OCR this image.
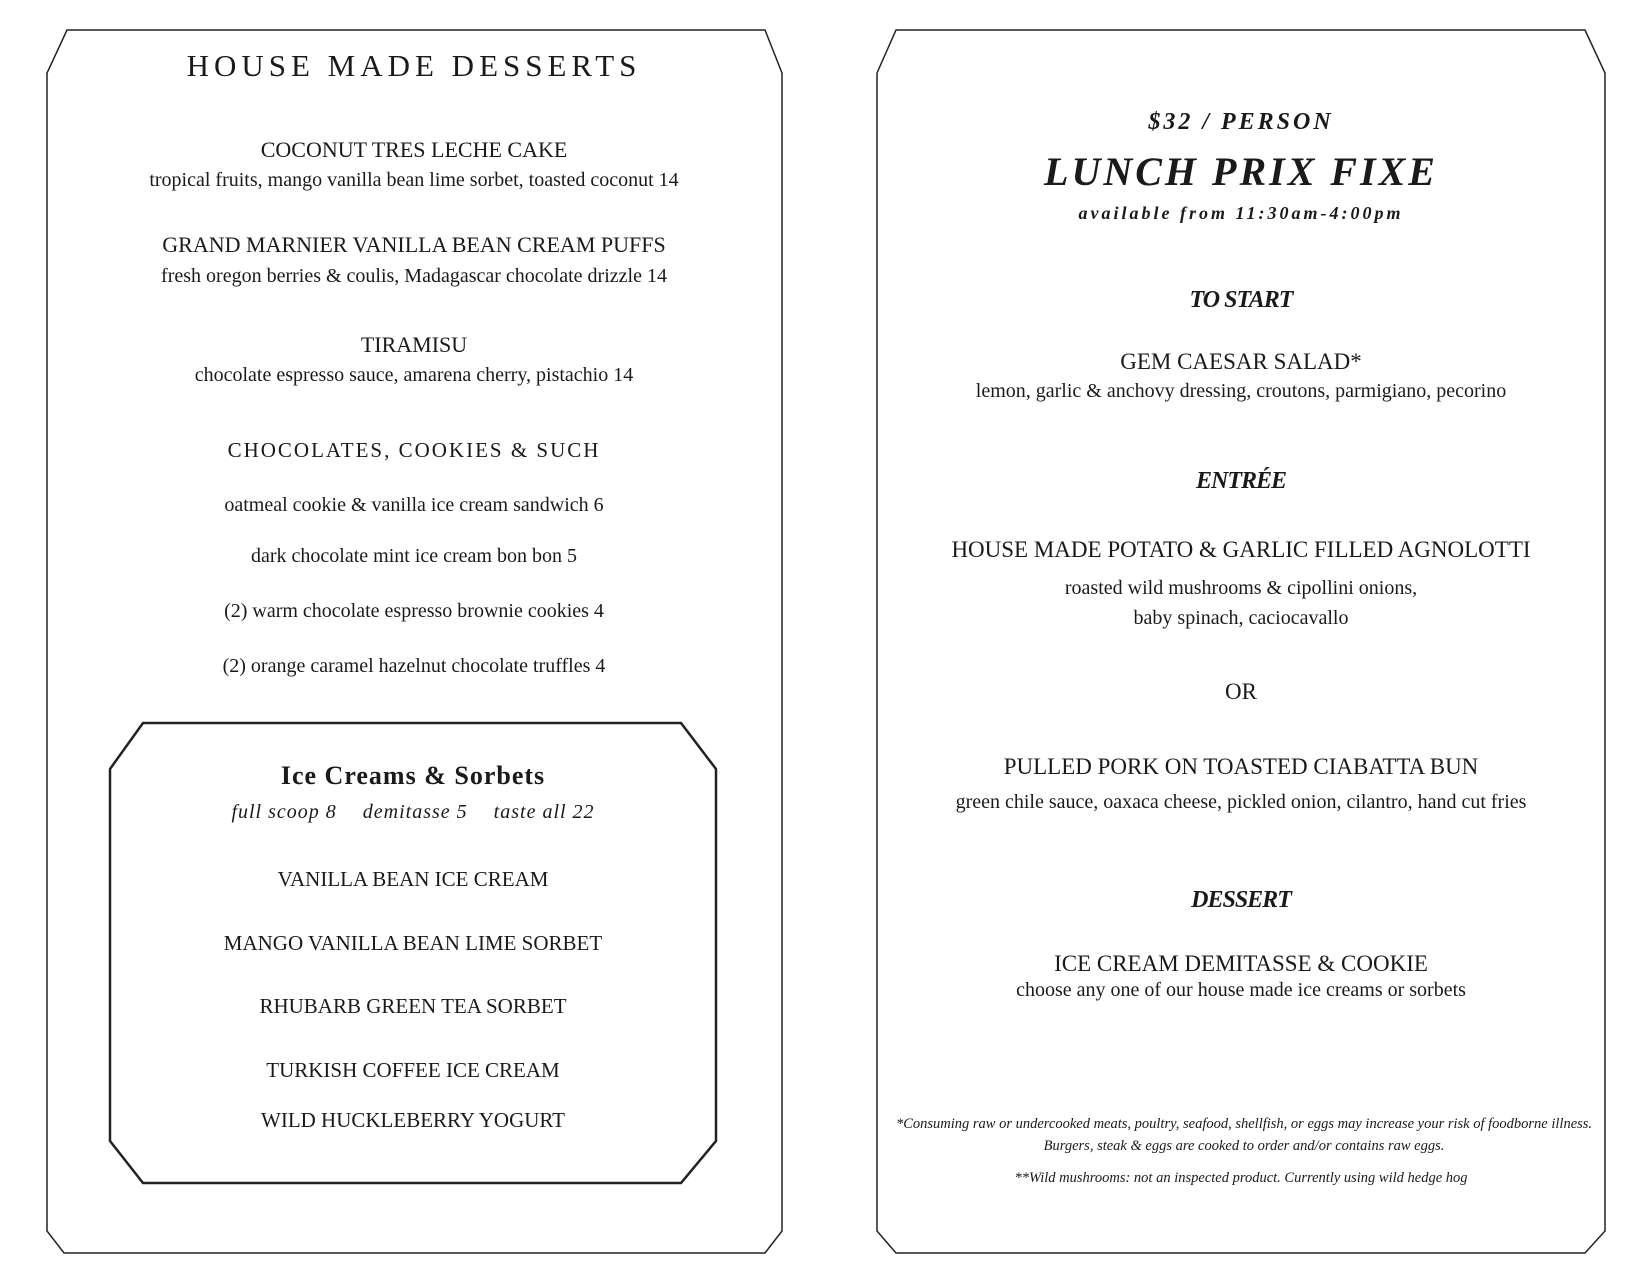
HOUSE MADE DESSERTS
COCONUT TRES LECHE CAKE
tropical fruits, mango vanilla bean lime sorbet, toasted coconut 14
GRAND MARNIER VANILLA BEAN CREAM PUFFS
fresh oregon berries & coulis, Madagascar chocolate drizzle 14
TIRAMISU
chocolate espresso sauce, amarena cherry, pistachio 14
CHOCOLATES, COOKIES & SUCH
oatmeal cookie & vanilla ice cream sandwich 6
dark chocolate mint ice cream bon bon 5
(2) warm chocolate espresso brownie cookies 4
(2) orange caramel hazelnut chocolate truffles 4
Ice Creams & Sorbets
full scoop 8 demitasse 5 taste all 22
VANILLA BEAN ICE CREAM
MANGO VANILLA BEAN LIME SORBET
RHUBARB GREEN TEA SORBET
TURKISH COFFEE ICE CREAM
WILD HUCKLEBERRY YOGURT
$32 / PERSON
LUNCH PRIX FIXE
available from 11:30am-4:00pm
TO START
GEM CAESAR SALAD*
lemon, garlic & anchovy dressing, croutons, parmigiano, pecorino
ENTRÉE
HOUSE MADE POTATO & GARLIC FILLED AGNOLOTTI
roasted wild mushrooms & cipollini onions,
baby spinach, caciocavallo
OR
PULLED PORK ON TOASTED CIABATTA BUN
green chile sauce, oaxaca cheese, pickled onion, cilantro, hand cut fries
DESSERT
ICE CREAM DEMITASSE & COOKIE
choose any one of our house made ice creams or sorbets
*Consuming raw or undercooked meats, poultry, seafood, shellfish, or eggs may increase your risk of foodborne illness. Burgers, steak & eggs are cooked to order and/or contains raw eggs.
**Wild mushrooms: not an inspected product. Currently using wild hedge hog
